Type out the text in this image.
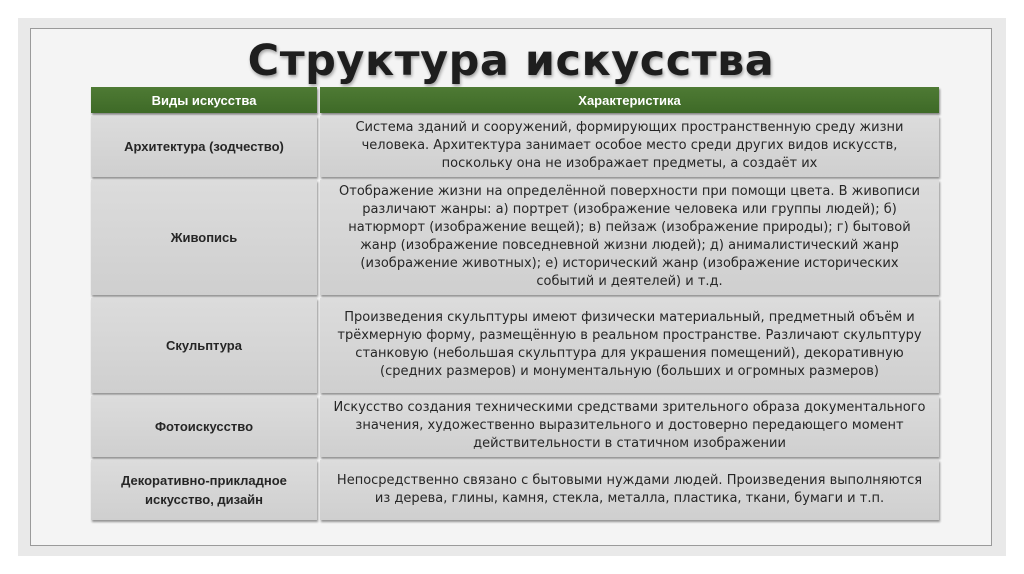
Структура искусства
Виды искусства	Характеристика
Архитектура (зодчество)	Система зданий и сооружений, формирующих пространственную среду жизни человека. Архитектура занимает особое место среди других видов искусств, поскольку она не изображает предметы, а создаёт их
Живопись	Отображение жизни на определённой поверхности при помощи цвета. В живописи различают жанры: а) портрет (изображение человека или группы людей); б) натюрморт (изображение вещей); в) пейзаж (изображение природы); г) бытовой жанр (изображение повседневной жизни людей); д) анималистический жанр (изображение животных); е) исторический жанр (изображение исторических событий и деятелей) и т.д.
Скульптура	Произведения скульптуры имеют физически материальный, предметный объём и трёхмерную форму, размещённую в реальном пространстве. Различают скульптуру станковую (небольшая скульптура для украшения помещений), декоративную (средних размеров) и монументальную (больших и огромных размеров)
Фотоискусство	Искусство создания техническими средствами зрительного образа документального значения, художественно выразительного и достоверно передающего момент действительности в статичном изображении
Декоративно-прикладное искусство, дизайн	Непосредственно связано с бытовыми нуждами людей. Произведения выполняются из дерева, глины, камня, стекла, металла, пластика, ткани, бумаги и т.п.
